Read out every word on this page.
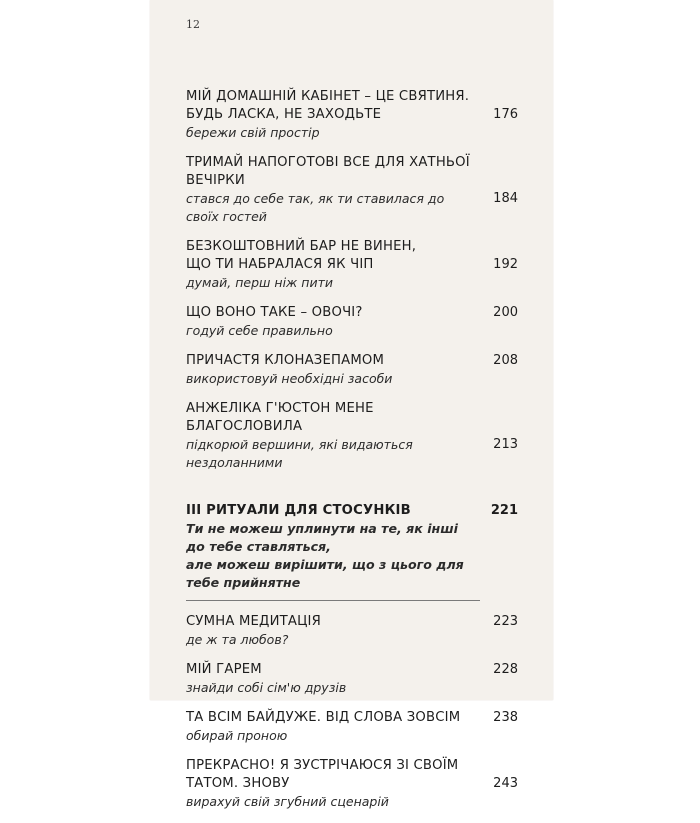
12
МІЙ ДОМАШНІЙ КАБІНЕТ – ЦЕ СВЯТИНЯ.
БУДЬ ЛАСКА, НЕ ЗАХОДЬТЕ
бережи свій простір
176
ТРИМАЙ НАПОГОТОВІ ВСЕ ДЛЯ ХАТНЬОЇ ВЕЧІРКИ
стався до себе так, як ти ставилася до своїх гостей
184
БЕЗКОШТОВНИЙ БАР НЕ ВИНЕН,
ЩО ТИ НАБРАЛАСЯ ЯК ЧІП
думай, перш ніж пити
192
ЩО ВОНО ТАКЕ – ОВОЧІ?
годуй себе правильно
200
ПРИЧАСТЯ КЛОНАЗЕПАМОМ
використовуй необхідні засоби
208
АНЖЕЛІКА Г'ЮСТОН МЕНЕ БЛАГОСЛОВИЛА
підкорюй вершини, які видаються нездоланними
213
III РИТУАЛИ ДЛЯ СТОСУНКІВ	221
Ти не можеш уплинути на те, як інші до тебе ставляться,
але можеш вирішити, що з цього для тебе прийнятне
СУМНА МЕДИТАЦІЯ
де ж та любов?
223
МІЙ ГАРЕМ
знайди собі сім'ю друзів
228
ТА ВСІМ БАЙДУЖЕ. ВІД СЛОВА ЗОВСІМ
обирай проною
238
ПРЕКРАСНО! Я ЗУСТРІЧАЮСЯ ЗІ СВОЇМ ТАТОМ. ЗНОВУ
вирахуй свій згубний сценарій
243
